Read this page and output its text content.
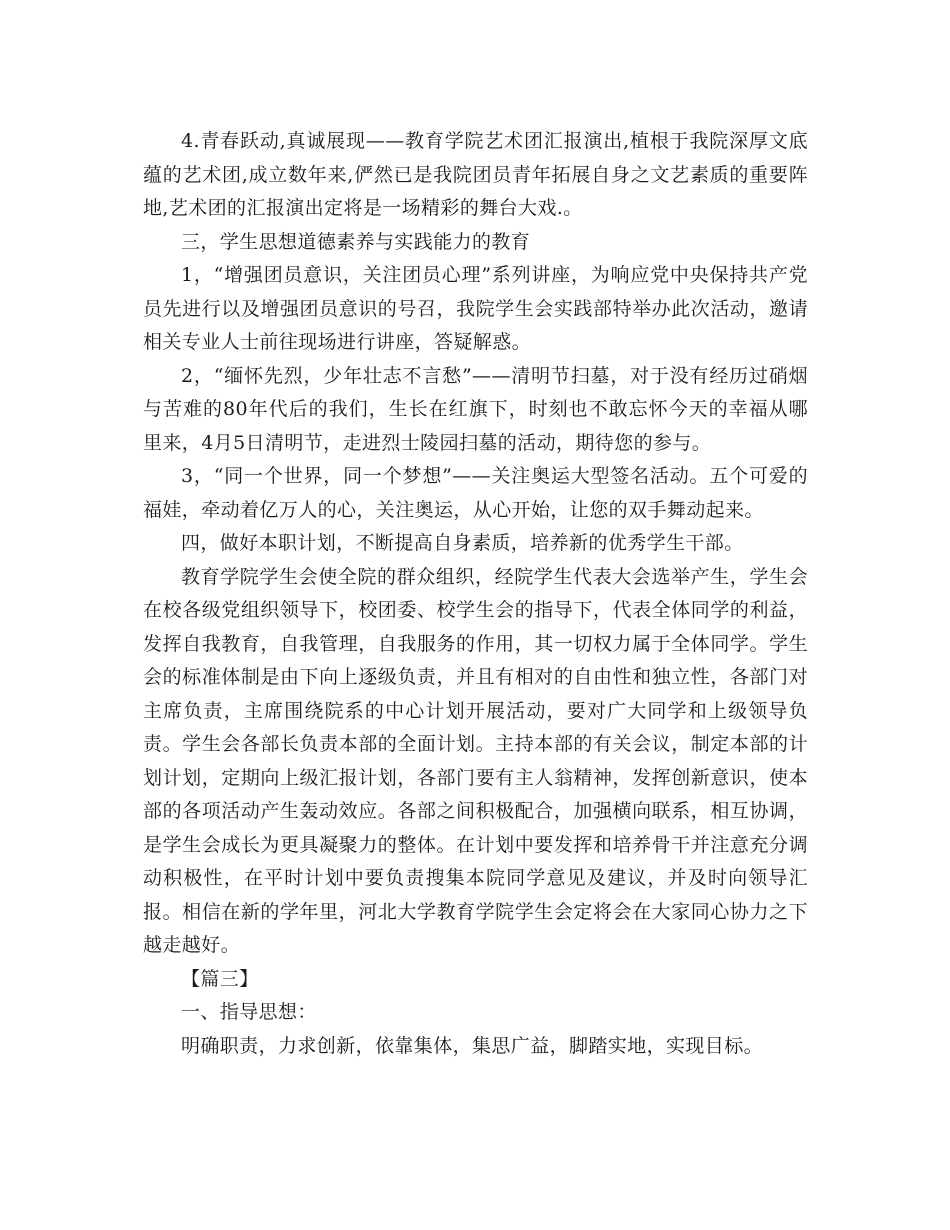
4.青春跃动,真诚展现——教育学院艺术团汇报演出,植根于我院深厚文底蕴的艺术团,成立数年来,俨然已是我院团员青年拓展自身之文艺素质的重要阵地,艺术团的汇报演出定将是一场精彩的舞台大戏.。

三，学生思想道德素养与实践能力的教育

1，“增强团员意识，关注团员心理”系列讲座，为响应党中央保持共产党员先进行以及增强团员意识的号召，我院学生会实践部特举办此次活动，邀请相关专业人士前往现场进行讲座，答疑解惑。

2，“缅怀先烈，少年壮志不言愁”——清明节扫墓，对于没有经历过硝烟与苦难的80年代后的我们，生长在红旗下，时刻也不敢忘怀今天的幸福从哪里来，4月5日清明节，走进烈士陵园扫墓的活动，期待您的参与。

3，“同一个世界，同一个梦想”——关注奥运大型签名活动。五个可爱的福娃，牵动着亿万人的心，关注奥运，从心开始，让您的双手舞动起来。

四，做好本职计划，不断提高自身素质，培养新的优秀学生干部。

教育学院学生会使全院的群众组织，经院学生代表大会选举产生，学生会在校各级党组织领导下，校团委、校学生会的指导下，代表全体同学的利益，发挥自我教育，自我管理，自我服务的作用，其一切权力属于全体同学。学生会的标准体制是由下向上逐级负责，并且有相对的自由性和独立性，各部门对主席负责，主席围绕院系的中心计划开展活动，要对广大同学和上级领导负责。学生会各部长负责本部的全面计划。主持本部的有关会议，制定本部的计划计划，定期向上级汇报计划，各部门要有主人翁精神，发挥创新意识，使本部的各项活动产生轰动效应。各部之间积极配合，加强横向联系，相互协调，是学生会成长为更具凝聚力的整体。在计划中要发挥和培养骨干并注意充分调动积极性，在平时计划中要负责搜集本院同学意见及建议，并及时向领导汇报。相信在新的学年里，河北大学教育学院学生会定将会在大家同心协力之下越走越好。

【篇三】

一、指导思想：

明确职责，力求创新，依靠集体，集思广益，脚踏实地，实现目标。
